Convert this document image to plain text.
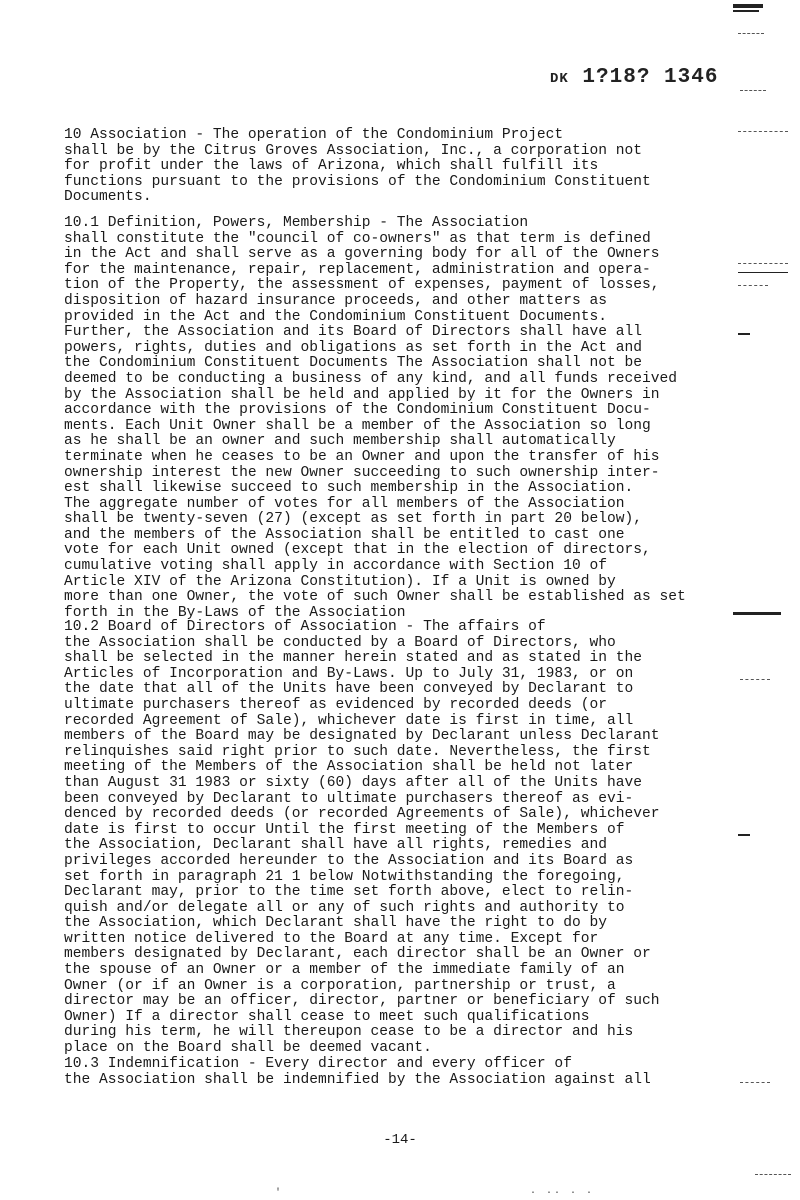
DK 1?18? 1346
10 Association - The operation of the Condominium Project
shall be by the Citrus Groves Association, Inc., a corporation not
for profit under the laws of Arizona, which shall fulfill its
functions pursuant to the provisions of the Condominium Constituent
Documents.
10.1 Definition, Powers, Membership - The Association
shall constitute the "council of co-owners" as that term is defined
in the Act and shall serve as a governing body for all of the Owners
for the maintenance, repair, replacement, administration and opera-
tion of the Property, the assessment of expenses, payment of losses,
disposition of hazard insurance proceeds, and other matters as
provided in the Act and the Condominium Constituent Documents.
Further, the Association and its Board of Directors shall have all
powers, rights, duties and obligations as set forth in the Act and
the Condominium Constituent Documents The Association shall not be
deemed to be conducting a business of any kind, and all funds received
by the Association shall be held and applied by it for the Owners in
accordance with the provisions of the Condominium Constituent Docu-
ments. Each Unit Owner shall be a member of the Association so long
as he shall be an owner and such membership shall automatically
terminate when he ceases to be an Owner and upon the transfer of his
ownership interest the new Owner succeeding to such ownership inter-
est shall likewise succeed to such membership in the Association.
The aggregate number of votes for all members of the Association
shall be twenty-seven (27) (except as set forth in part 20 below),
and the members of the Association shall be entitled to cast one
vote for each Unit owned (except that in the election of directors,
cumulative voting shall apply in accordance with Section 10 of
Article XIV of the Arizona Constitution). If a Unit is owned by
more than one Owner, the vote of such Owner shall be established as set
forth in the By-Laws of the Association
10.2 Board of Directors of Association - The affairs of
the Association shall be conducted by a Board of Directors, who
shall be selected in the manner herein stated and as stated in the
Articles of Incorporation and By-Laws. Up to July 31, 1983, or on
the date that all of the Units have been conveyed by Declarant to
ultimate purchasers thereof as evidenced by recorded deeds (or
recorded Agreement of Sale), whichever date is first in time, all
members of the Board may be designated by Declarant unless Declarant
relinquishes said right prior to such date. Nevertheless, the first
meeting of the Members of the Association shall be held not later
than August 31 1983 or sixty (60) days after all of the Units have
been conveyed by Declarant to ultimate purchasers thereof as evi-
denced by recorded deeds (or recorded Agreements of Sale), whichever
date is first to occur Until the first meeting of the Members of
the Association, Declarant shall have all rights, remedies and
privileges accorded hereunder to the Association and its Board as
set forth in paragraph 21 1 below Notwithstanding the foregoing,
Declarant may, prior to the time set forth above, elect to relin-
quish and/or delegate all or any of such rights and authority to
the Association, which Declarant shall have the right to do by
written notice delivered to the Board at any time. Except for
members designated by Declarant, each director shall be an Owner or
the spouse of an Owner or a member of the immediate family of an
Owner (or if an Owner is a corporation, partnership or trust, a
director may be an officer, director, partner or beneficiary of such
Owner) If a director shall cease to meet such qualifications
during his term, he will thereupon cease to be a director and his
place on the Board shall be deemed vacant.
10.3 Indemnification - Every director and every officer of
the Association shall be indemnified by the Association against all
-14-
'	. .. . .
